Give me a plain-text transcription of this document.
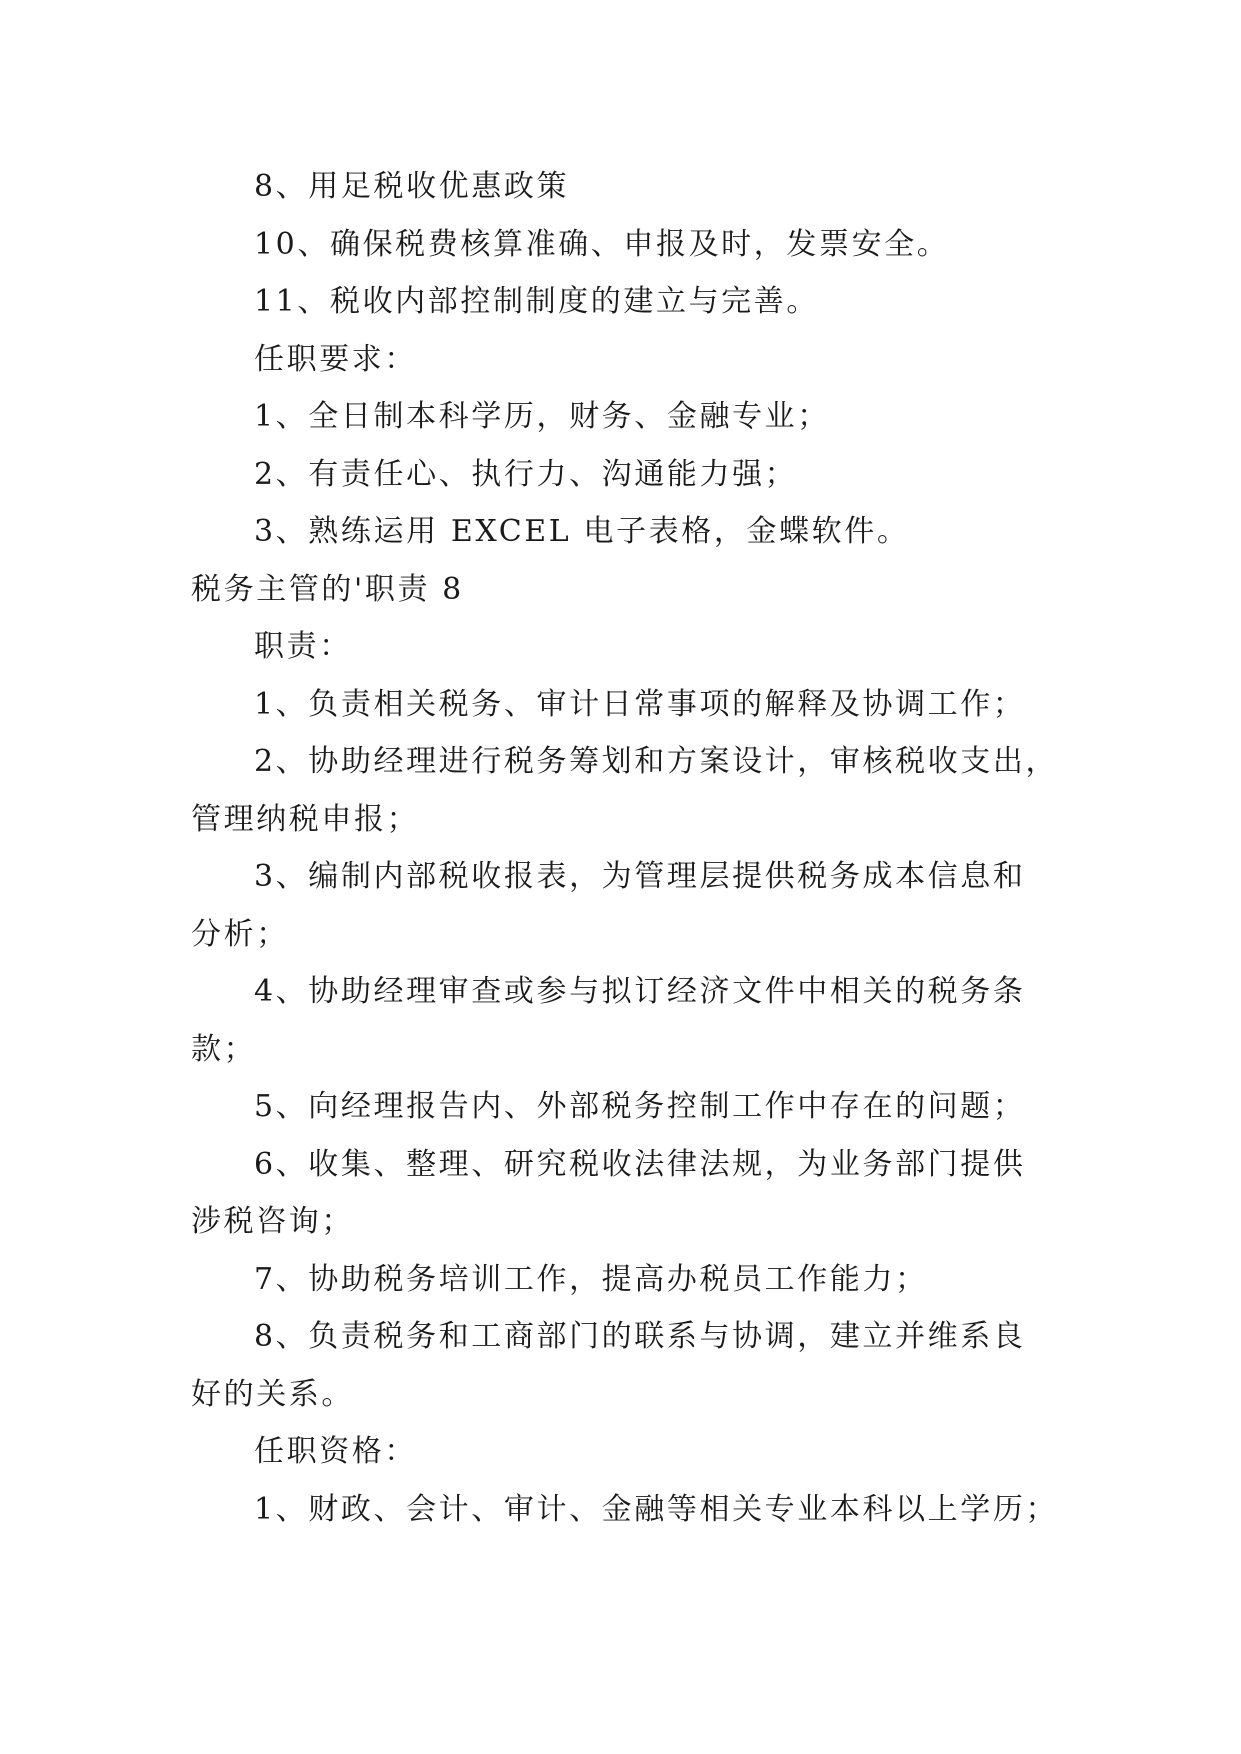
8、用足税收优惠政策
10、确保税费核算准确、申报及时，发票安全。
11、税收内部控制制度的建立与完善。
任职要求：
1、全日制本科学历，财务、金融专业；
2、有责任心、执行力、沟通能力强；
3、熟练运用 EXCEL 电子表格，金蝶软件。
税务主管的'职责 8
职责：
1、负责相关税务、审计日常事项的解释及协调工作；
2、协助经理进行税务筹划和方案设计，审核税收支出，
管理纳税申报；
3、编制内部税收报表，为管理层提供税务成本信息和
分析；
4、协助经理审查或参与拟订经济文件中相关的税务条
款；
5、向经理报告内、外部税务控制工作中存在的问题；
6、收集、整理、研究税收法律法规，为业务部门提供
涉税咨询；
7、协助税务培训工作，提高办税员工作能力；
8、负责税务和工商部门的联系与协调，建立并维系良
好的关系。
任职资格：
1、财政、会计、审计、金融等相关专业本科以上学历；
